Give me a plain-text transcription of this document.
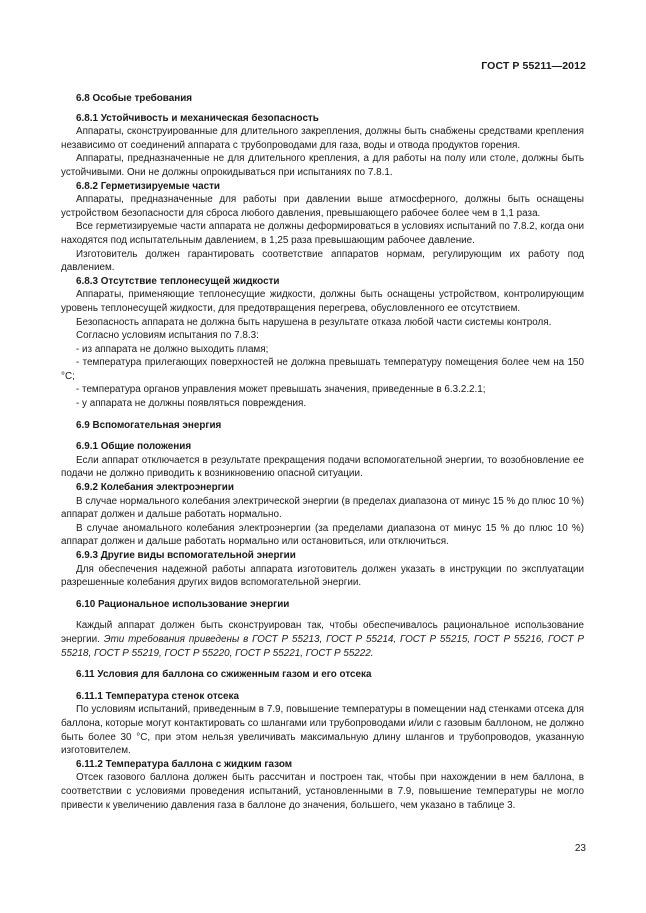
ГОСТ Р 55211—2012

6.8 Особые требования

6.8.1 Устойчивость и механическая безопасность

Аппараты, сконструированные для длительного закрепления, должны быть снабжены средствами крепления независимо от соединений аппарата с трубопроводами для газа, воды и отвода продуктов горения.

Аппараты, предназначенные не для длительного крепления, а для работы на полу или столе, должны быть устойчивыми. Они не должны опрокидываться при испытаниях по 7.8.1.

6.8.2 Герметизируемые части

Аппараты, предназначенные для работы при давлении выше атмосферного, должны быть оснащены устройством безопасности для сброса любого давления, превышающего рабочее более чем в 1,1 раза.

Все герметизируемые части аппарата не должны деформироваться в условиях испытаний по 7.8.2, когда они находятся под испытательным давлением, в 1,25 раза превышающим рабочее давление.

Изготовитель должен гарантировать соответствие аппаратов нормам, регулирующим их работу под давлением.

6.8.3 Отсутствие теплонесущей жидкости

Аппараты, применяющие теплонесущие жидкости, должны быть оснащены устройством, контролирующим уровень теплонесущей жидкости, для предотвращения перегрева, обусловленного ее отсутствием.

Безопасность аппарата не должна быть нарушена в результате отказа любой части системы контроля.

Согласно условиям испытания по 7.8.3:

- из аппарата не должно выходить пламя;

- температура прилегающих поверхностей не должна превышать температуру помещения более чем на 150 °С;

- температура органов управления может превышать значения, приведенные в 6.3.2.2.1;

- у аппарата не должны появляться повреждения.

6.9 Вспомогательная энергия

6.9.1 Общие положения

Если аппарат отключается в результате прекращения подачи вспомогательной энергии, то возобновление ее подачи не должно приводить к возникновению опасной ситуации.

6.9.2 Колебания электроэнергии

В случае нормального колебания электрической энергии (в пределах диапазона от минус 15 % до плюс 10 %) аппарат должен и дальше работать нормально.

В случае аномального колебания электроэнергии (за пределами диапазона от минус 15 % до плюс 10 %) аппарат должен и дальше работать нормально или остановиться, или отключиться.

6.9.3 Другие виды вспомогательной энергии

Для обеспечения надежной работы аппарата изготовитель должен указать в инструкции по эксплуатации разрешенные колебания других видов вспомогательной энергии.

6.10 Рациональное использование энергии

Каждый аппарат должен быть сконструирован так, чтобы обеспечивалось рациональное использование энергии. Эти требования приведены в ГОСТ Р 55213, ГОСТ Р 55214, ГОСТ Р 55215, ГОСТ Р 55216, ГОСТ Р 55218, ГОСТ Р 55219, ГОСТ Р 55220, ГОСТ Р 55221, ГОСТ Р 55222.

6.11 Условия для баллона со сжиженным газом и его отсека

6.11.1 Температура стенок отсека

По условиям испытаний, приведенным в 7.9, повышение температуры в помещении над стенками отсека для баллона, которые могут контактировать со шлангами или трубопроводами и/или с газовым баллоном, не должно быть более 30 °С, при этом нельзя увеличивать максимальную длину шлангов и трубопроводов, указанную изготовителем.

6.11.2 Температура баллона с жидким газом

Отсек газового баллона должен быть рассчитан и построен так, чтобы при нахождении в нем баллона, в соответствии с условиями проведения испытаний, установленными в 7.9, повышение температуры не могло привести к увеличению давления газа в баллоне до значения, большего, чем указано в таблице 3.

23
